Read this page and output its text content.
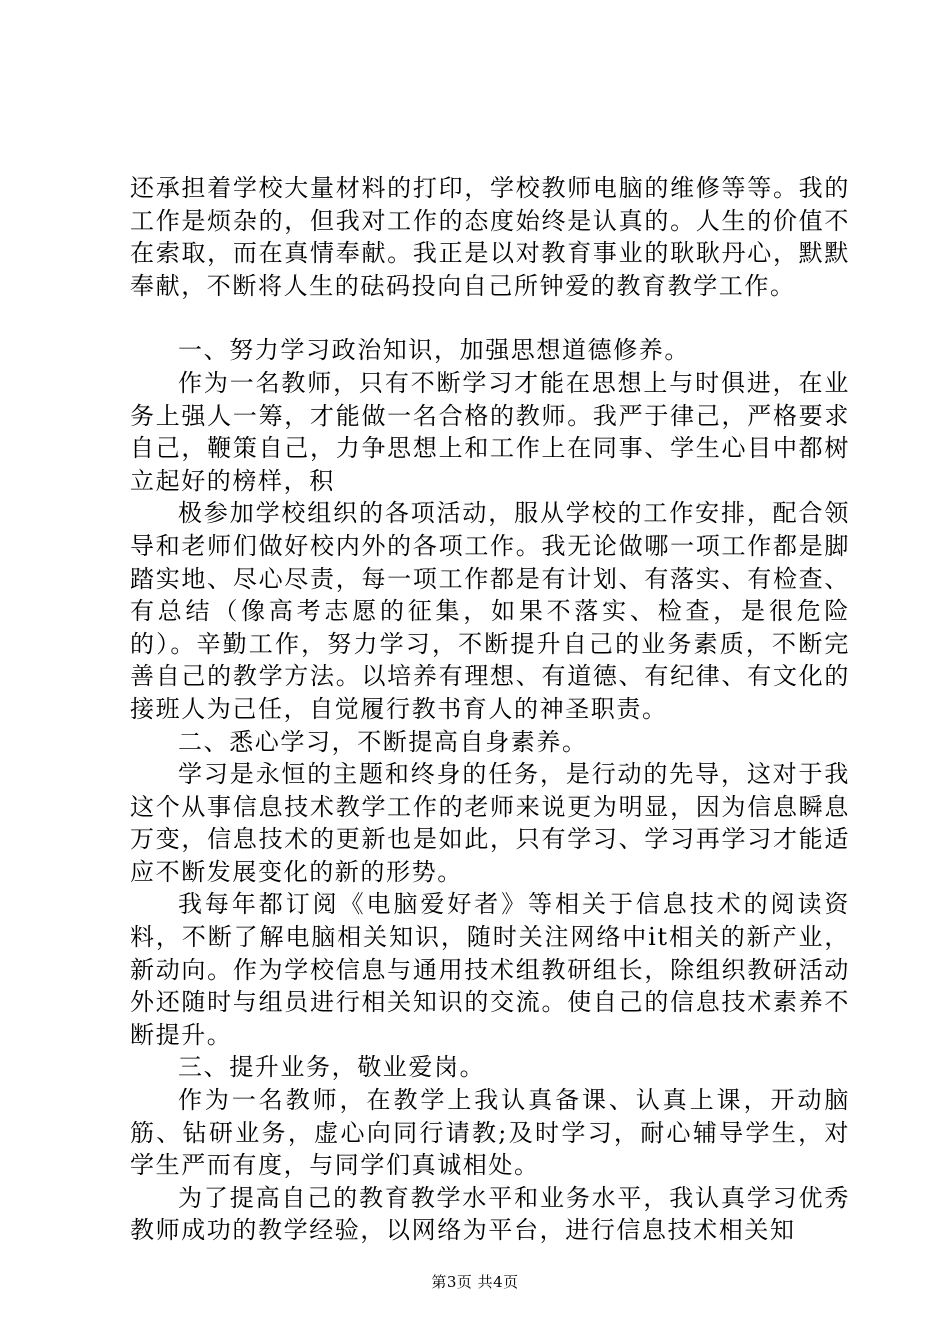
还承担着学校大量材料的打印，学校教师电脑的维修等等。我的工作是烦杂的，但我对工作的态度始终是认真的。人生的价值不在索取，而在真情奉献。我正是以对教育事业的耿耿丹心，默默奉献，不断将人生的砝码投向自己所钟爱的教育教学工作。

一、努力学习政治知识，加强思想道德修养。

作为一名教师，只有不断学习才能在思想上与时俱进，在业务上强人一筹，才能做一名合格的教师。我严于律己，严格要求自己，鞭策自己，力争思想上和工作上在同事、学生心目中都树立起好的榜样，积

极参加学校组织的各项活动，服从学校的工作安排，配合领导和老师们做好校内外的各项工作。我无论做哪一项工作都是脚踏实地、尽心尽责，每一项工作都是有计划、有落实、有检查、有总结（像高考志愿的征集，如果不落实、检查，是很危险的）。辛勤工作，努力学习，不断提升自己的业务素质，不断完善自己的教学方法。以培养有理想、有道德、有纪律、有文化的接班人为己任，自觉履行教书育人的神圣职责。

二、悉心学习，不断提高自身素养。

学习是永恒的主题和终身的任务，是行动的先导，这对于我这个从事信息技术教学工作的老师来说更为明显，因为信息瞬息万变，信息技术的更新也是如此，只有学习、学习再学习才能适应不断发展变化的新的形势。

我每年都订阅《电脑爱好者》等相关于信息技术的阅读资料，不断了解电脑相关知识，随时关注网络中it相关的新产业，新动向。作为学校信息与通用技术组教研组长，除组织教研活动外还随时与组员进行相关知识的交流。使自己的信息技术素养不断提升。

三、提升业务，敬业爱岗。

作为一名教师，在教学上我认真备课、认真上课，开动脑筋、钻研业务，虚心向同行请教;及时学习，耐心辅导学生，对学生严而有度，与同学们真诚相处。

为了提高自己的教育教学水平和业务水平，我认真学习优秀教师成功的教学经验，以网络为平台，进行信息技术相关知

第3页 共4页
